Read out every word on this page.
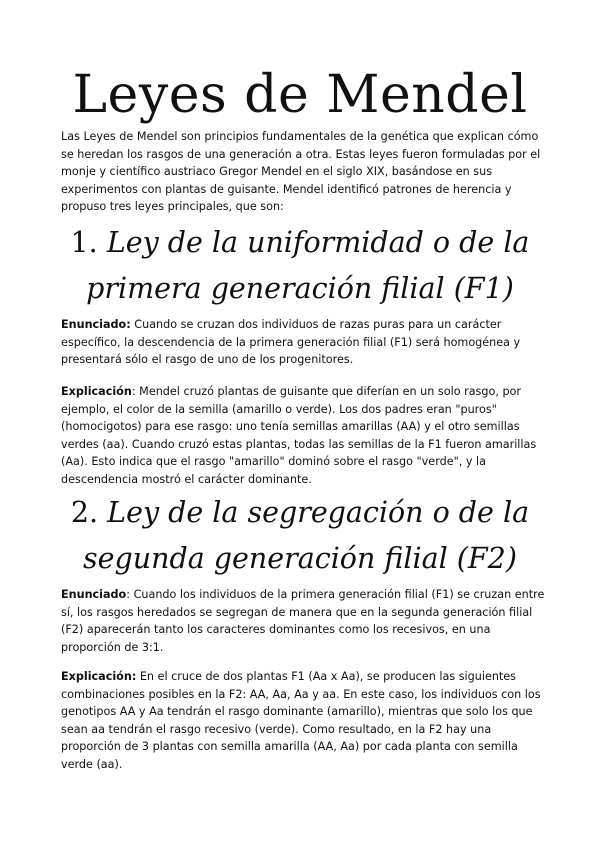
Leyes de Mendel

Las Leyes de Mendel son principios fundamentales de la genética que explican cómo se heredan los rasgos de una generación a otra. Estas leyes fueron formuladas por el monje y científico austriaco Gregor Mendel en el siglo XIX, basándose en sus experimentos con plantas de guisante. Mendel identificó patrones de herencia y propuso tres leyes principales, que son:

1. Ley de la uniformidad o de la primera generación filial (F1)

Enunciado: Cuando se cruzan dos individuos de razas puras para un carácter específico, la descendencia de la primera generación filial (F1) será homogénea y presentará sólo el rasgo de uno de los progenitores.

Explicación: Mendel cruzó plantas de guisante que diferían en un solo rasgo, por ejemplo, el color de la semilla (amarillo o verde). Los dos padres eran "puros" (homocigotos) para ese rasgo: uno tenía semillas amarillas (AA) y el otro semillas verdes (aa). Cuando cruzó estas plantas, todas las semillas de la F1 fueron amarillas (Aa). Esto indica que el rasgo "amarillo" dominó sobre el rasgo "verde", y la descendencia mostró el carácter dominante.

2. Ley de la segregación o de la segunda generación filial (F2)

Enunciado: Cuando los individuos de la primera generación filial (F1) se cruzan entre sí, los rasgos heredados se segregan de manera que en la segunda generación filial (F2) aparecerán tanto los caracteres dominantes como los recesivos, en una proporción de 3:1.

Explicación: En el cruce de dos plantas F1 (Aa x Aa), se producen las siguientes combinaciones posibles en la F2: AA, Aa, Aa y aa. En este caso, los individuos con los genotipos AA y Aa tendrán el rasgo dominante (amarillo), mientras que solo los que sean aa tendrán el rasgo recesivo (verde). Como resultado, en la F2 hay una proporción de 3 plantas con semilla amarilla (AA, Aa) por cada planta con semilla verde (aa).
